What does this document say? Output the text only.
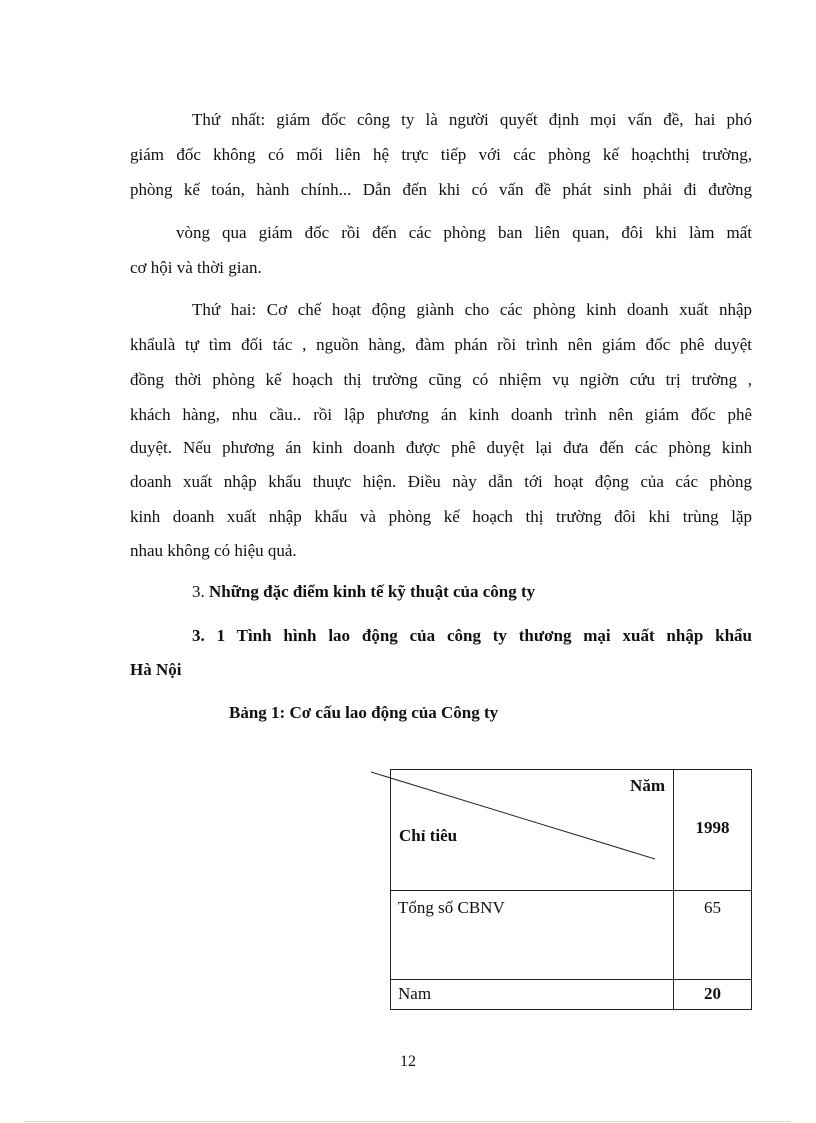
Thứ nhất: giám đốc công ty là người quyết định mọi vấn đề, hai phó
giám đốc không có mối liên hệ trực tiếp với các phòng kế hoạchthị trường,
phòng kế toán, hành chính... Dẫn đến khi có vấn đề phát sinh phải đi đường
vòng qua giám đốc rồi đến các phòng ban liên quan, đôi khi làm mất
cơ hội và thời gian.
Thứ hai: Cơ chế hoạt động giành cho các phòng kinh doanh xuất nhập
khẩulà tự tìm đối tác , nguồn hàng, đàm phán rồi trình nên giám đốc phê duyệt
đồng thời phòng kế hoạch thị trường cũng có nhiệm vụ ngiờn cứu trị trường ,
khách hàng, nhu cầu.. rồi lập phương án kinh doanh trình nên giám đốc phê
duyệt. Nếu phương án kinh doanh được phê duyệt lại đưa đến các phòng kinh
doanh xuất nhập khẩu thuực hiện. Điều này dẫn tới hoạt động của các phòng
kinh doanh xuất nhập khẩu và phòng kế hoạch thị trường đôi khi trùng lặp
nhau không có hiệu quả.
3. Những đặc điểm kinh tế kỹ thuật của công ty
3. 1 Tình hình lao động của công ty thương mại xuất nhập khẩu
Hà Nội
Bảng 1: Cơ cấu lao động của Công ty
Năm
Chỉ tiêu	1998

Tổng số CBNV	65

Nam	20
12
